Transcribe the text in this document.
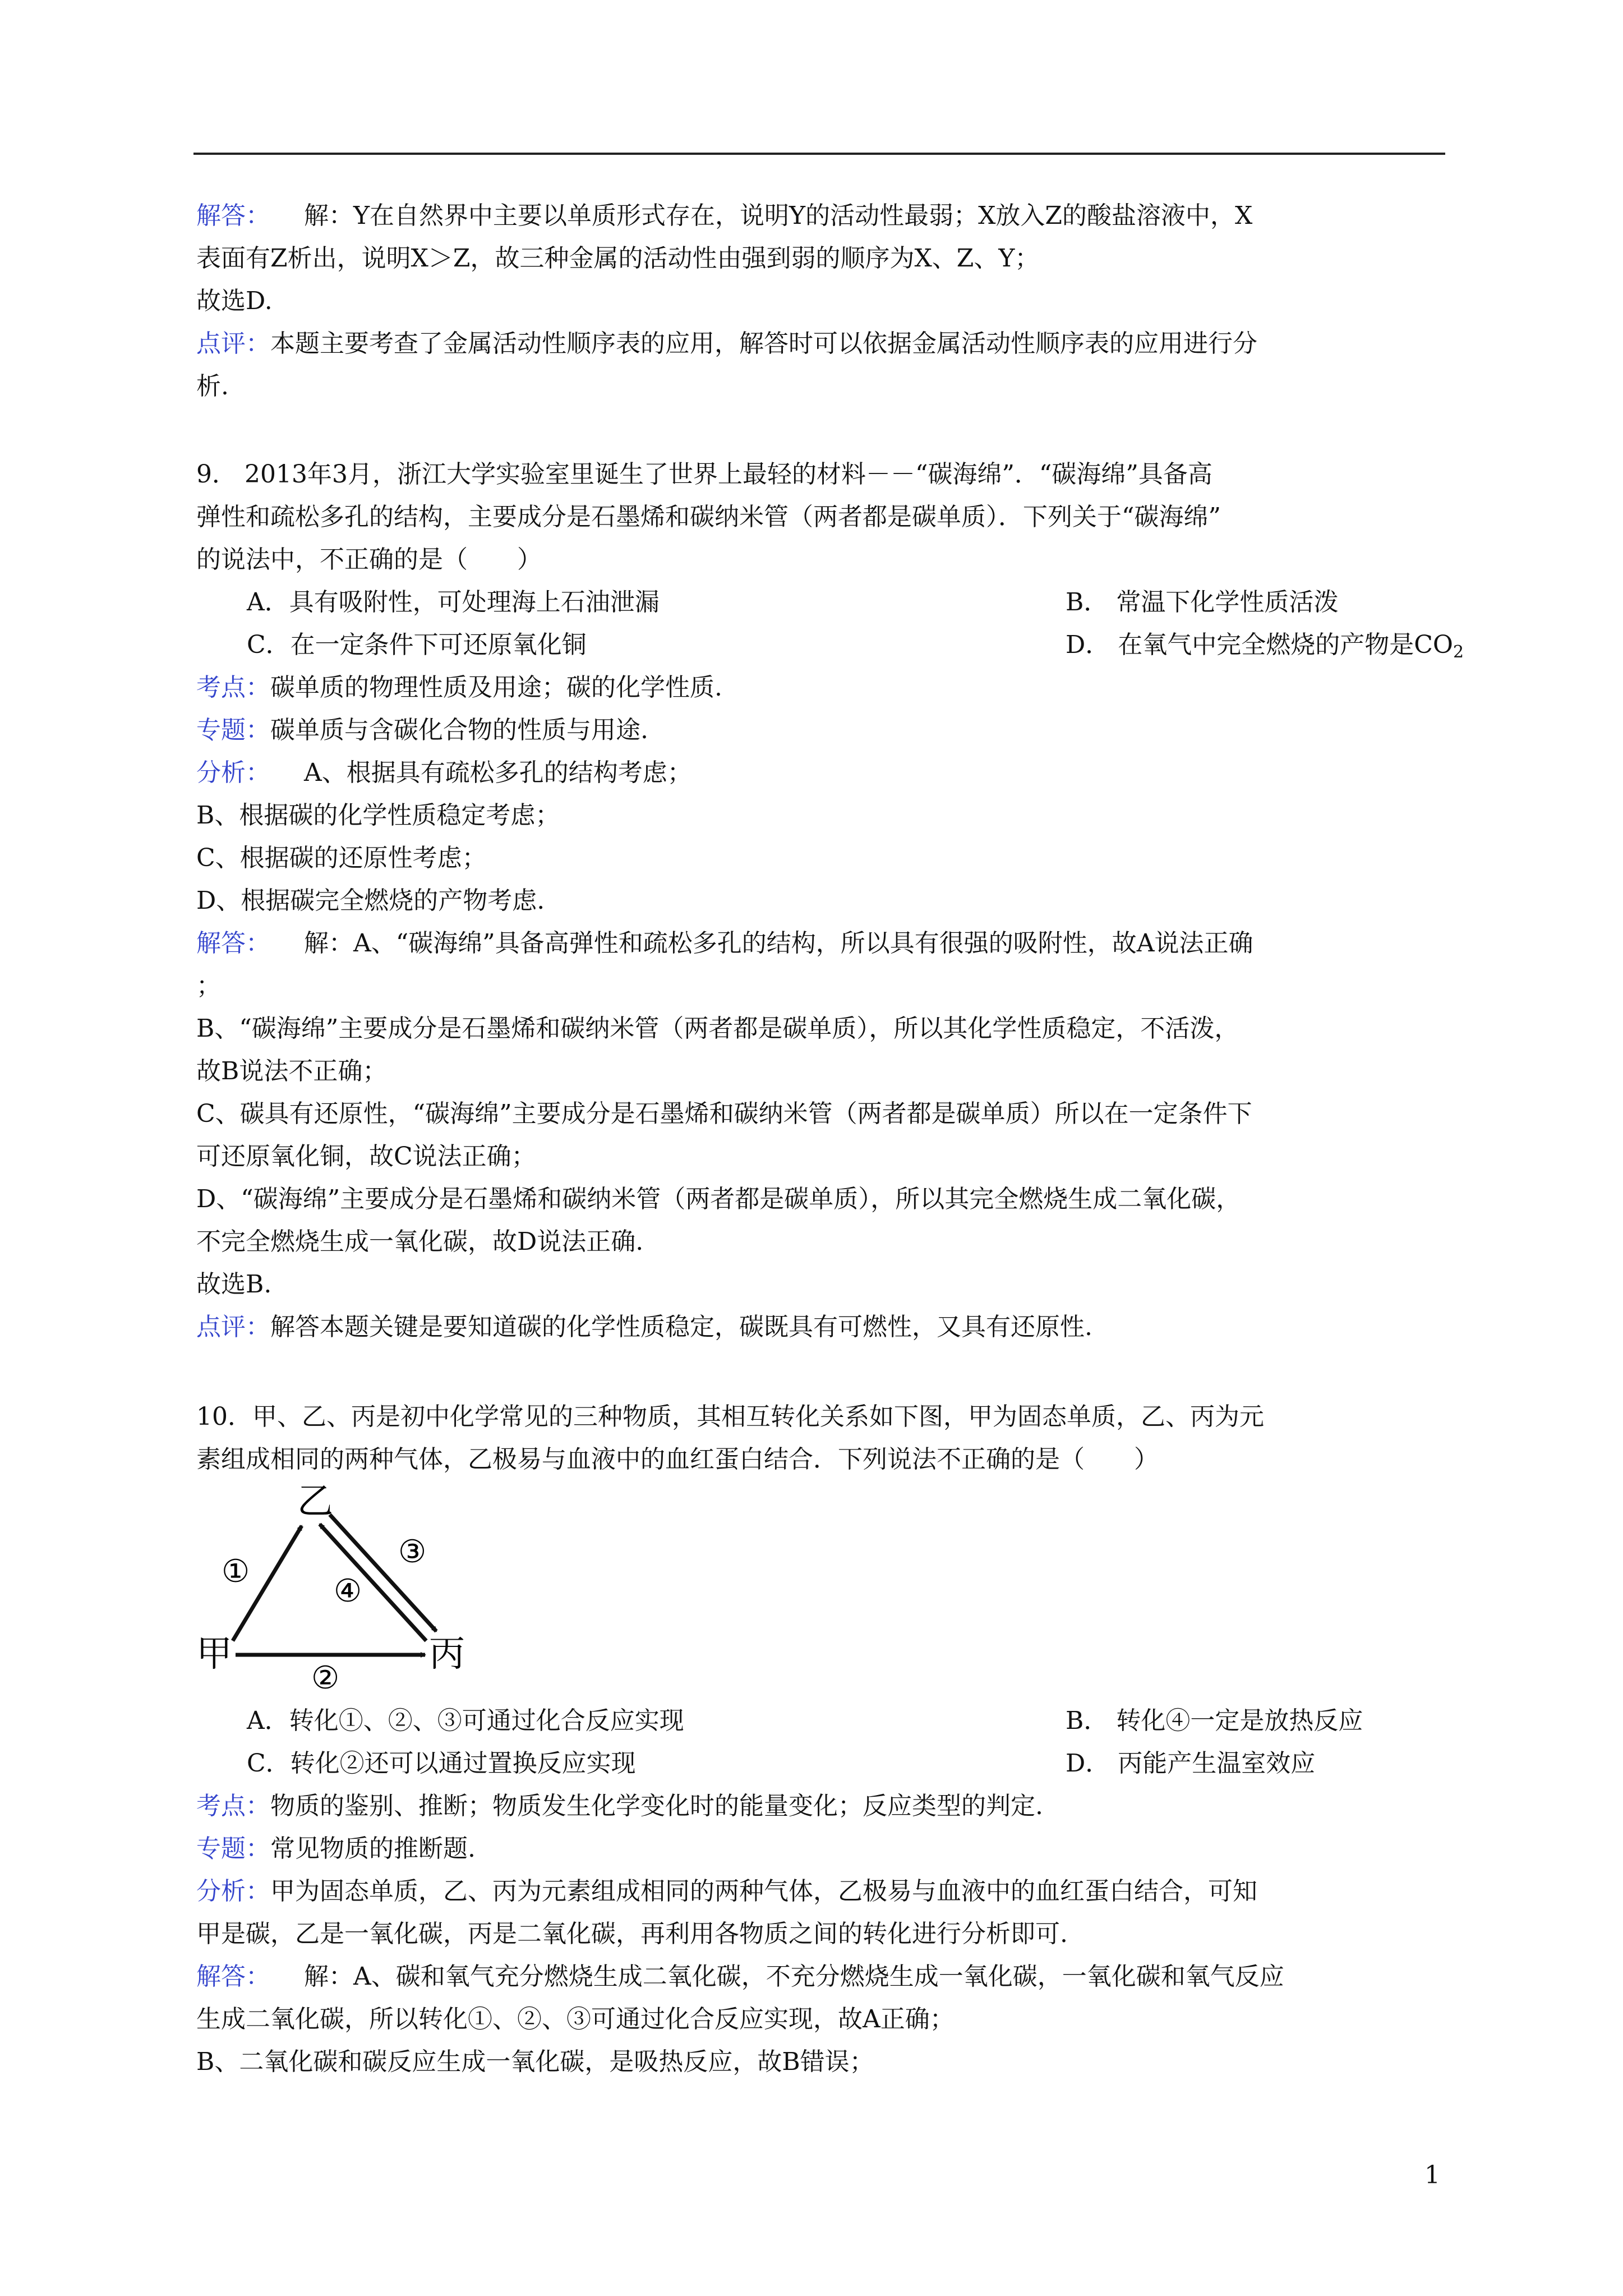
解答： 解：Y在自然界中主要以单质形式存在，说明Y的活动性最弱；X放入Z的酸盐溶液中，X
表面有Z析出，说明X＞Z，故三种金属的活动性由强到弱的顺序为X、Z、Y；
故选D.
点评：本题主要考查了金属活动性顺序表的应用，解答时可以依据金属活动性顺序表的应用进行分
析.
9． 2013年3月，浙江大学实验室里诞生了世界上最轻的材料－－“碳海绵”．“碳海绵”具备高
弹性和疏松多孔的结构，主要成分是石墨烯和碳纳米管（两者都是碳单质）．下列关于“碳海绵”
的说法中，不正确的是（　　）
A．具有吸附性，可处理海上石油泄漏	B． 常温下化学性质活泼
C．在一定条件下可还原氧化铜	D． 在氧气中完全燃烧的产物是$CO_2$
考点：碳单质的物理性质及用途；碳的化学性质.
专题：碳单质与含碳化合物的性质与用途.
分析： A、根据具有疏松多孔的结构考虑；
B、根据碳的化学性质稳定考虑；
C、根据碳的还原性考虑；
D、根据碳完全燃烧的产物考虑.
解答： 解：A、“碳海绵”具备高弹性和疏松多孔的结构，所以具有很强的吸附性，故A说法正确
；
B、“碳海绵”主要成分是石墨烯和碳纳米管（两者都是碳单质），所以其化学性质稳定，不活泼，
故B说法不正确；
C、碳具有还原性，“碳海绵”主要成分是石墨烯和碳纳米管（两者都是碳单质）所以在一定条件下
可还原氧化铜，故C说法正确；
D、“碳海绵”主要成分是石墨烯和碳纳米管（两者都是碳单质），所以其完全燃烧生成二氧化碳，
不完全燃烧生成一氧化碳，故D说法正确.
故选B.
点评：解答本题关键是要知道碳的化学性质稳定，碳既具有可燃性，又具有还原性.
10．甲、乙、丙是初中化学常见的三种物质，其相互转化关系如下图，甲为固态单质，乙、丙为元
素组成相同的两种气体，乙极易与血液中的血红蛋白结合．下列说法不正确的是（　　）
甲
乙
丙
①
②
③
④
A．转化①、②、③可通过化合反应实现	B． 转化④一定是放热反应
C．转化②还可以通过置换反应实现	D． 丙能产生温室效应
考点：物质的鉴别、推断；物质发生化学变化时的能量变化；反应类型的判定.
专题：常见物质的推断题.
分析：甲为固态单质，乙、丙为元素组成相同的两种气体，乙极易与血液中的血红蛋白结合，可知
甲是碳，乙是一氧化碳，丙是二氧化碳，再利用各物质之间的转化进行分析即可.
解答： 解：A、碳和氧气充分燃烧生成二氧化碳，不充分燃烧生成一氧化碳，一氧化碳和氧气反应
生成二氧化碳，所以转化①、②、③可通过化合反应实现，故A正确；
B、二氧化碳和碳反应生成一氧化碳，是吸热反应，故B错误；
1
